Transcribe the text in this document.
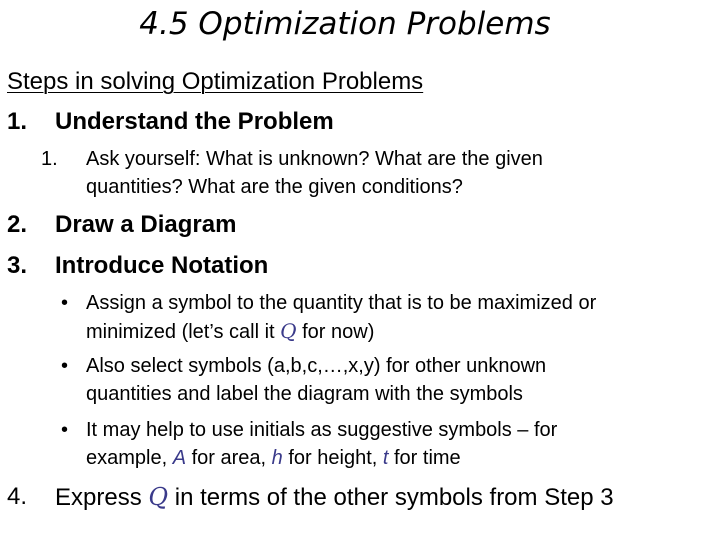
4.5 Optimization Problems
Steps in solving Optimization Problems
1. Understand the Problem
1. Ask yourself: What is unknown? What are the given
quantities? What are the given conditions?
2. Draw a Diagram
3. Introduce Notation
• Assign a symbol to the quantity that is to be maximized or
minimized (let’s call it Q for now)
• Also select symbols (a,b,c,…,x,y) for other unknown
quantities and label the diagram with the symbols
• It may help to use initials as suggestive symbols – for
example, A for area, h for height, t for time
4. Express Q in terms of the other symbols from Step 3
